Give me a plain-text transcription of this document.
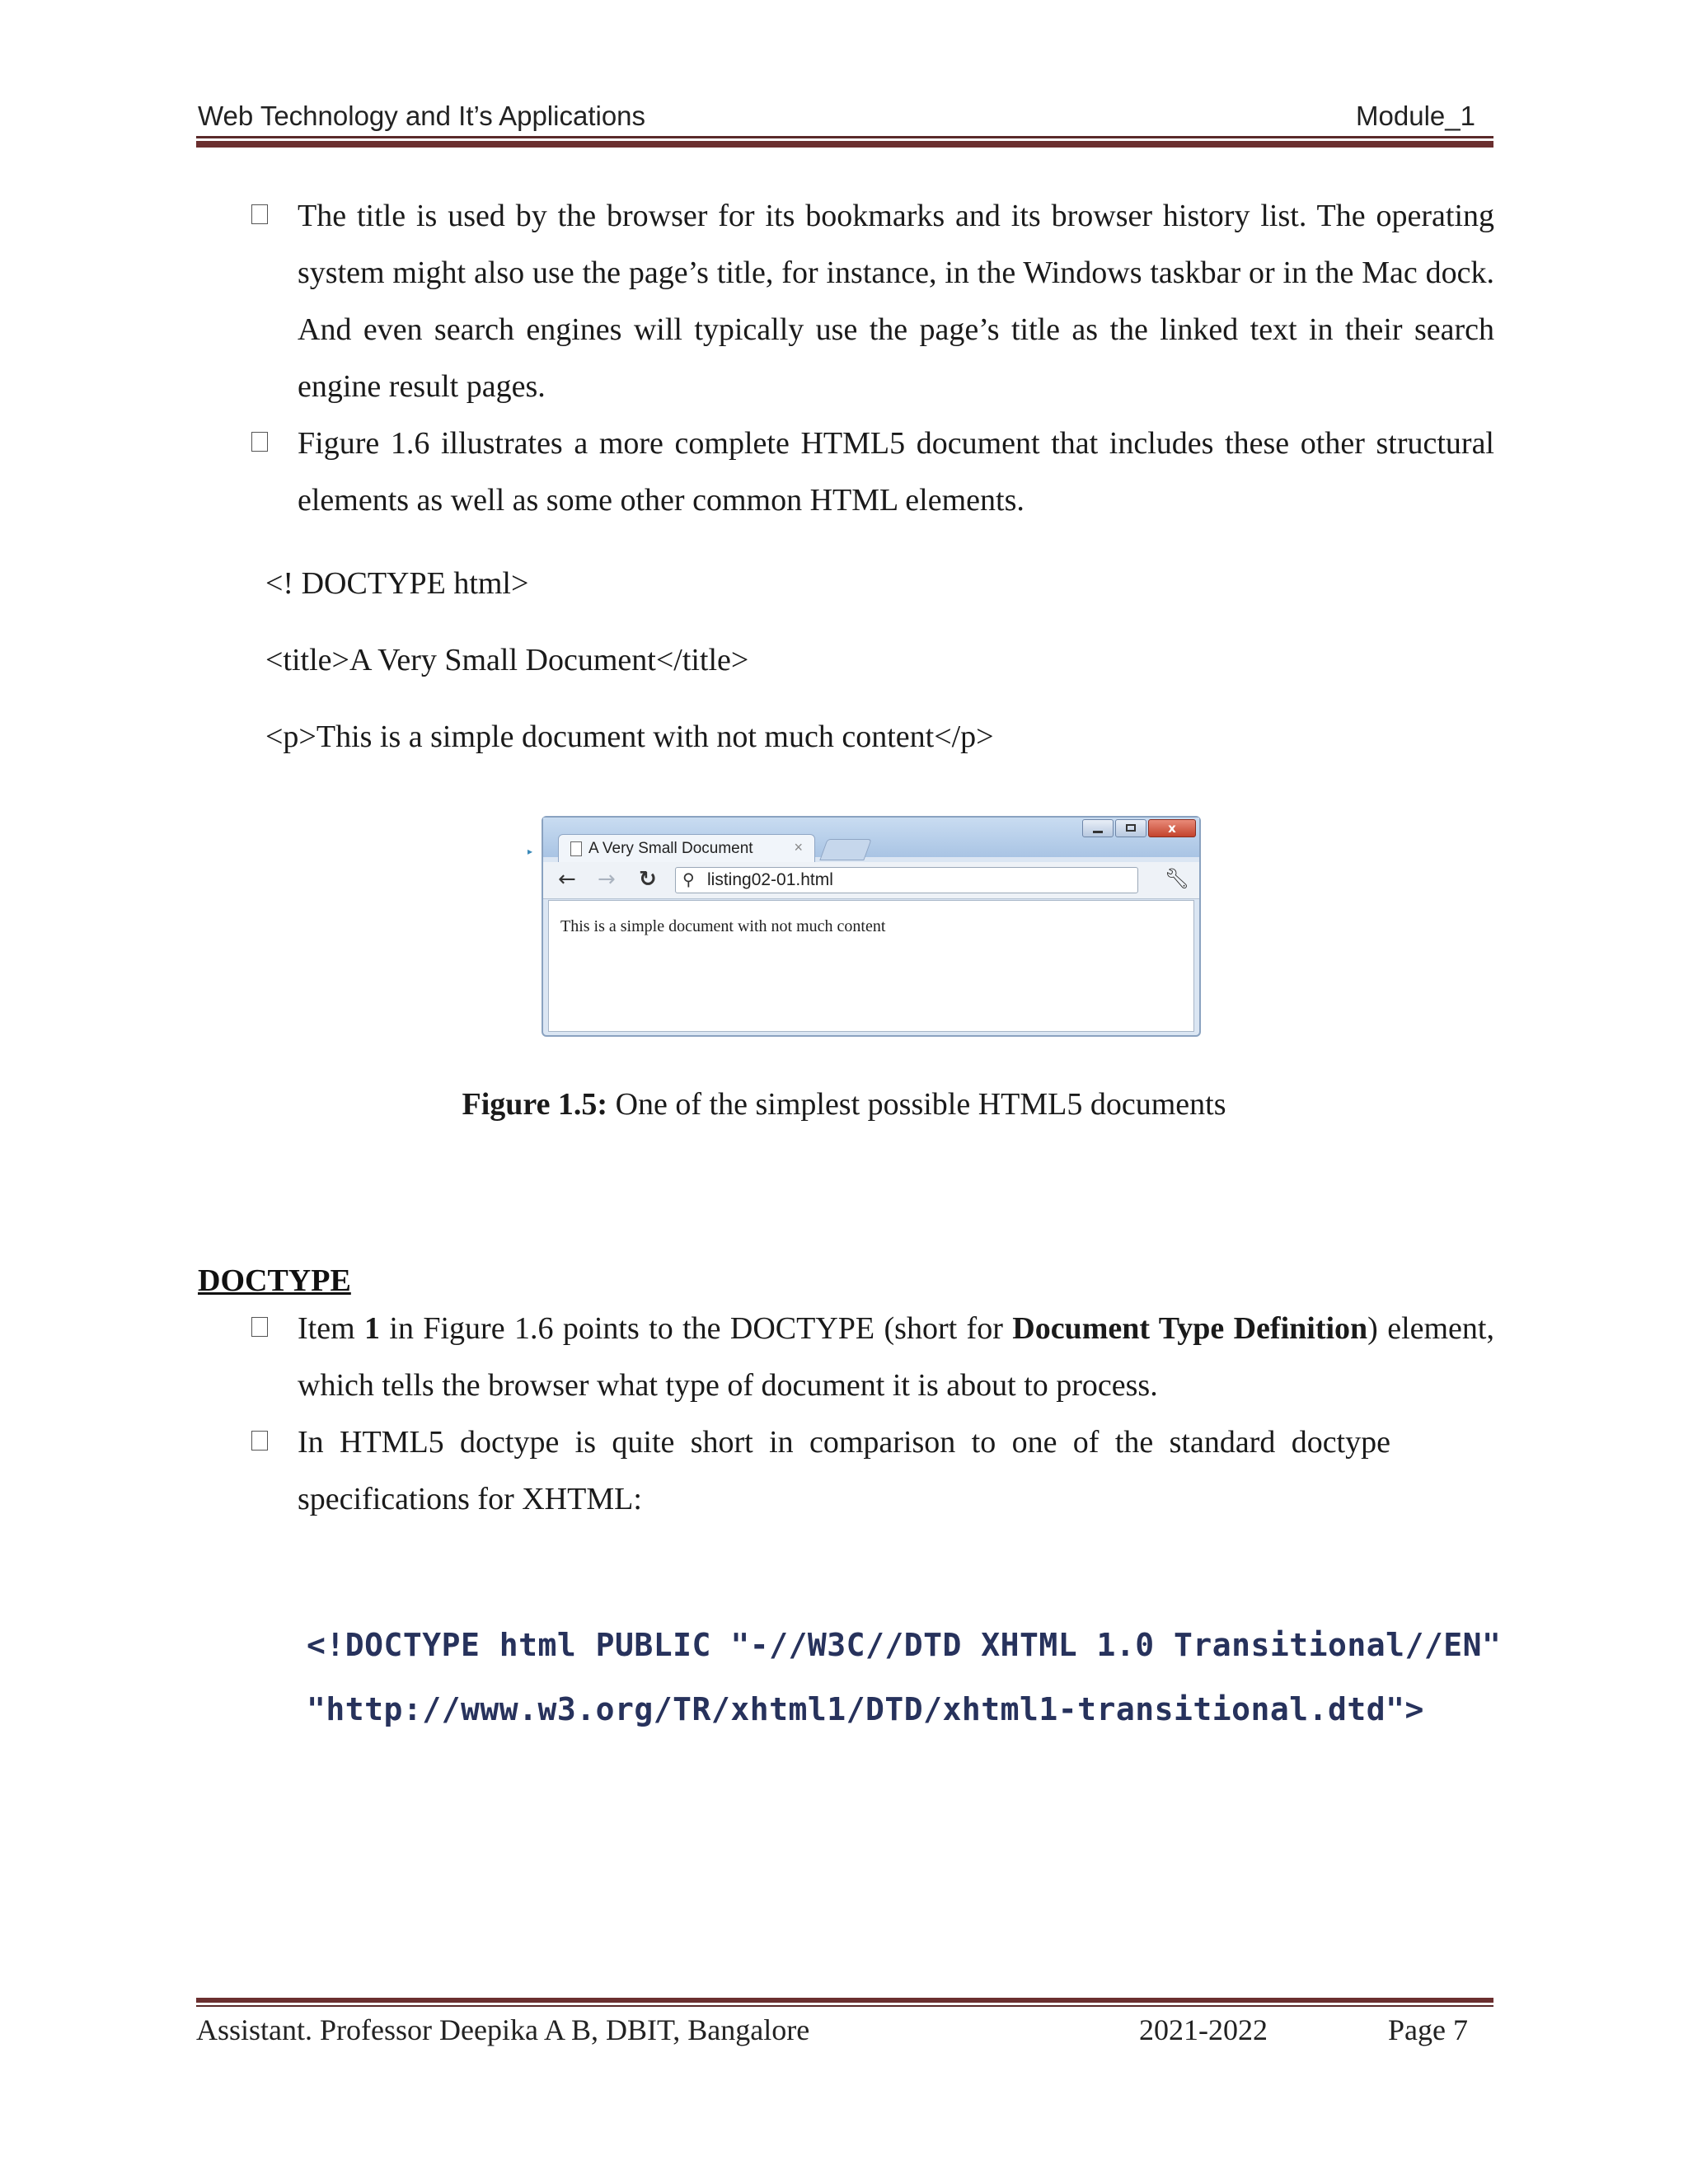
Web Technology and It’s Applications	Module_1
The title is used by the browser for its bookmarks and its browser history list. The operating system might also use the page’s title, for instance, in the Windows taskbar or in the Mac dock. And even search engines will typically use the page’s title as the linked text in their search engine result pages.
Figure 1.6 illustrates a more complete HTML5 document that includes these other structural elements as well as some other common HTML elements.
<! DOCTYPE html>
<title>A Very Small Document</title>
<p>This is a simple document with not much content</p>
▸	A Very Small Document	×
x
← → ↻ ⚲ listing02-01.html	🔧︎
This is a simple document with not much content
Figure 1.5: One of the simplest possible HTML5 documents
DOCTYPE
Item 1 in Figure 1.6 points to the DOCTYPE (short for Document Type Definition) element, which tells the browser what type of document it is about to process.
In HTML5 doctype is quite short in comparison to one of the standard doctype specifications for XHTML:
<!DOCTYPE html PUBLIC "-//W3C//DTD XHTML 1.0 Transitional//EN"
"http://www.w3.org/TR/xhtml1/DTD/xhtml1-transitional.dtd">
Assistant. Professor Deepika A B, DBIT, Bangalore	2021-2022	Page 7
